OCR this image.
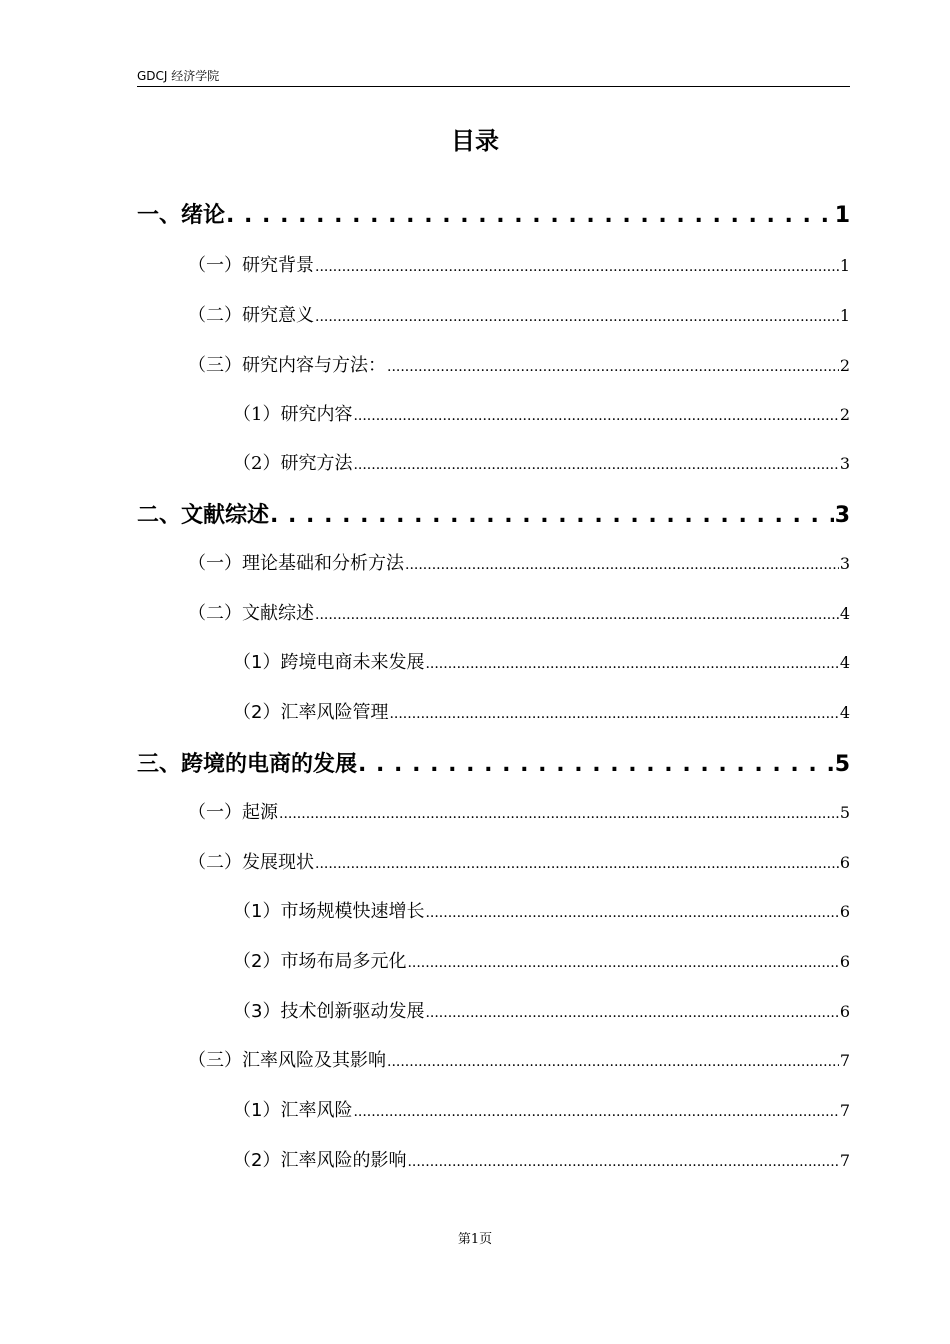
GDCJ 经济学院
目录
一、绪论 . . .	1
（一）研究背景 .....	1
（二）研究意义 .....	1
（三）研究内容与方法： .....	2
（1）研究内容 .....	2
（2）研究方法 .....	3
二、文献综述 . . .	3
（一）理论基础和分析方法 .....	3
（二）文献综述 .....	4
（1）跨境电商未来发展 .....	4
（2）汇率风险管理 .....	4
三、跨境的电商的发展 . . .	5
（一）起源 .....	5
（二）发展现状 .....	6
（1）市场规模快速增长 .....	6
（2）市场布局多元化 .....	6
（3）技术创新驱动发展 .....	6
（三）汇率风险及其影响 .....	7
（1）汇率风险 .....	7
（2）汇率风险的影响 .....	7
第1页
